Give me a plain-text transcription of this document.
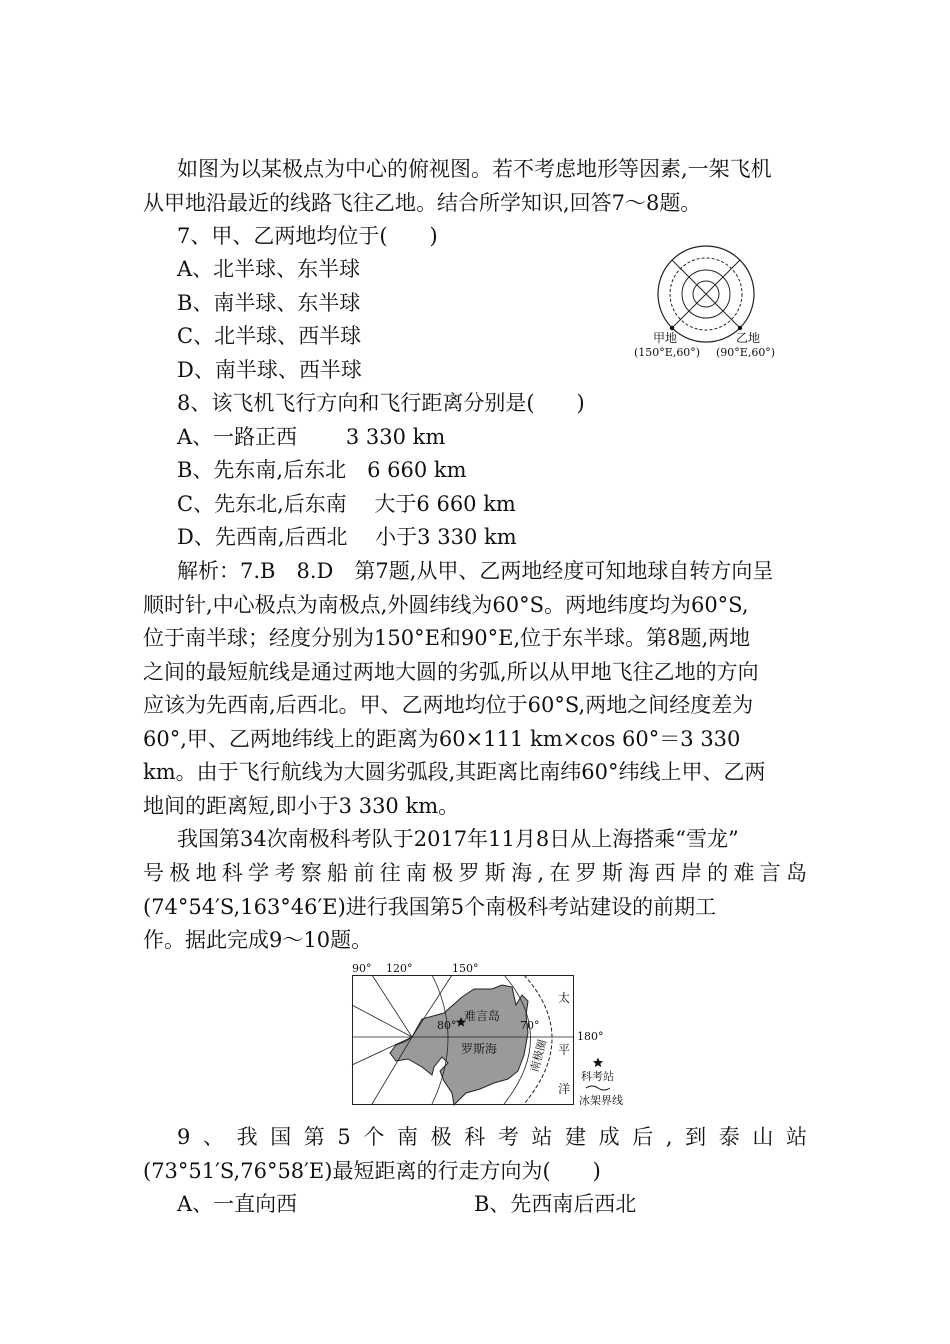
如图为以某极点为中心的俯视图。若不考虑地形等因素,一架飞机
从甲地沿最近的线路飞往乙地。结合所学知识,回答7～8题。
7、甲、乙两地均位于(　　)
A、北半球、东半球
B、南半球、东半球
C、北半球、西半球
D、南半球、西半球
甲地
(150°E,60°)
乙地
(90°E,60°)
8、该飞机飞行方向和飞行距离分别是(　　)
A、一路正西　　 3 330 km
B、先东南,后东北　6 660 km
C、先东北,后东南　 大于6 660 km
D、先西南,后西北　 小于3 330 km
解析：7.B　8.D　第7题,从甲、乙两地经度可知地球自转方向呈
顺时针,中心极点为南极点,外圆纬线为60°S。两地纬度均为60°S,
位于南半球；经度分别为150°E和90°E,位于东半球。第8题,两地
之间的最短航线是通过两地大圆的劣弧,所以从甲地飞往乙地的方向
应该为先西南,后西北。甲、乙两地均位于60°S,两地之间经度差为
60°,甲、乙两地纬线上的距离为60×111 km×cos 60°＝3 330
km。由于飞行航线为大圆劣弧段,其距离比南纬60°纬线上甲、乙两
地间的距离短,即小于3 330 km。
我国第34次南极科考队于2017年11月8日从上海搭乘“雪龙”
号极地科学考察船前往南极罗斯海,在罗斯海西岸的难言岛
(74°54′S,163°46′E)进行我国第5个南极科考站建设的前期工
作。据此完成9～10题。
90° 120°	150°
180°
80°	70°
难言岛
罗斯海	南极圈
太
平
洋
科考站
冰架界线
9、我国第5个南极科考站建成后,到泰山站
(73°51′S,76°58′E)最短距离的行走方向为(　　)
A、一直向西	B、先西南后西北
